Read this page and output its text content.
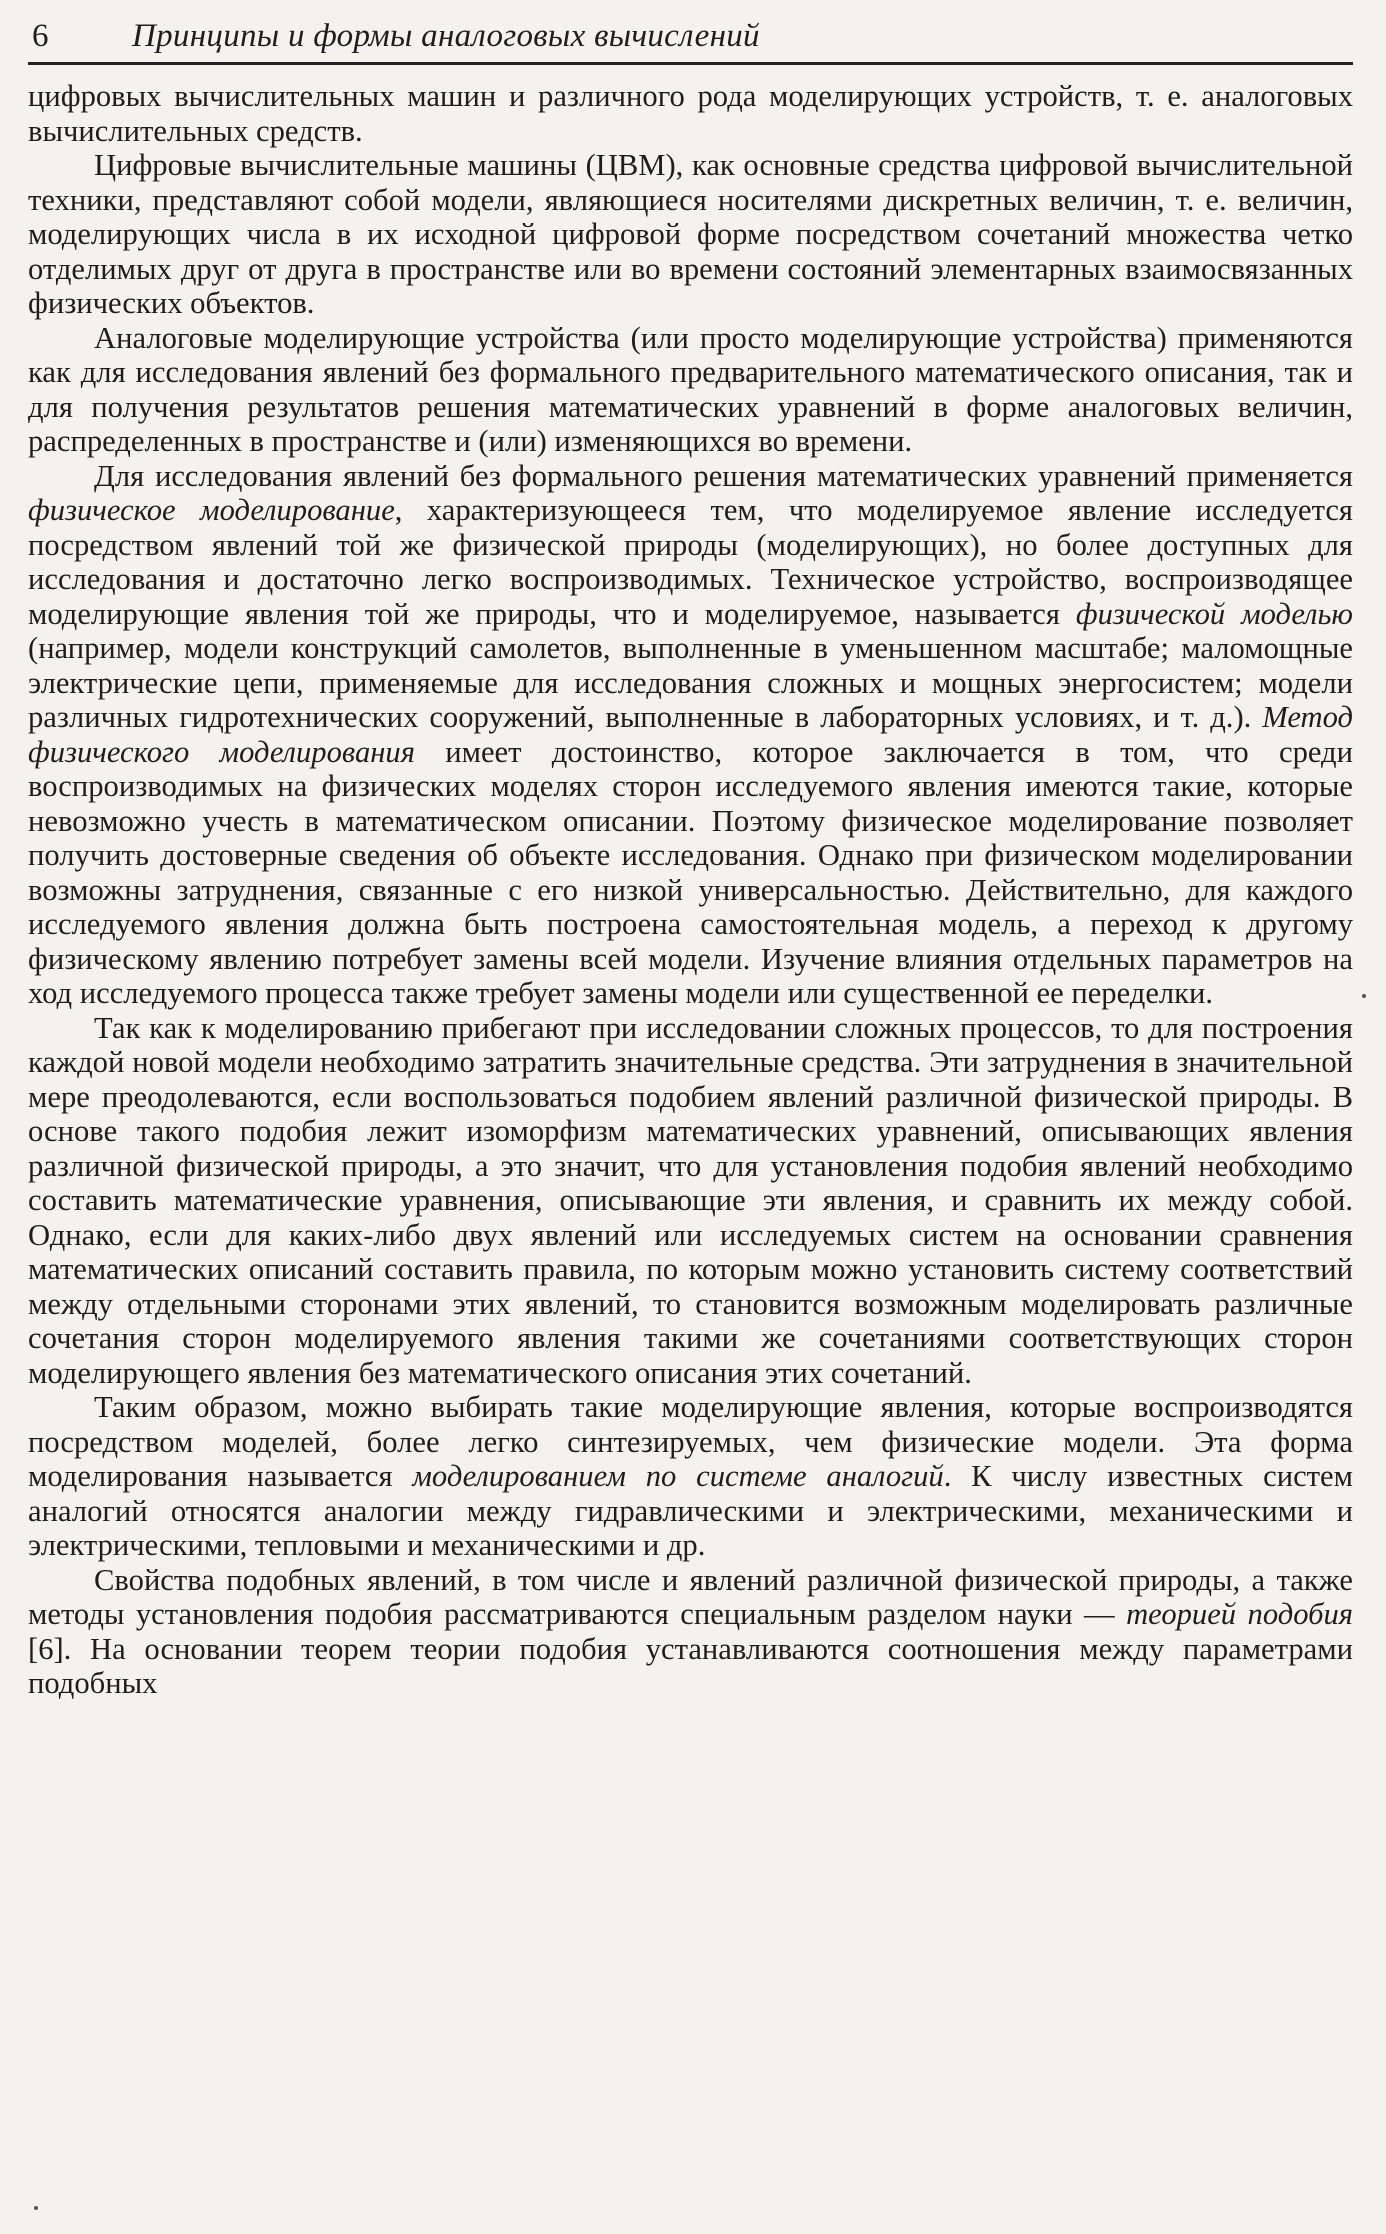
6	Принципы и формы аналоговых вычислений

цифровых вычислительных машин и различного рода моделирующих устройств, т. е. аналоговых вычислительных средств.

Цифровые вычислительные машины (ЦВМ), как основные средства цифровой вычислительной техники, представляют собой модели, являющиеся носителями дискретных величин, т. е. величин, моделирующих числа в их исходной цифровой форме посредством сочетаний множества четко отделимых друг от друга в пространстве или во времени состояний элементарных взаимосвязанных физических объектов.

Аналоговые моделирующие устройства (или просто моделирующие устройства) применяются как для исследования явлений без формального предварительного математического описания, так и для получения результатов решения математических уравнений в форме аналоговых величин, распределенных в пространстве и (или) изменяющихся во времени.

Для исследования явлений без формального решения математических уравнений применяется физическое моделирование, характеризующееся тем, что моделируемое явление исследуется посредством явлений той же физической природы (моделирующих), но более доступных для исследования и достаточно легко воспроизводимых. Техническое устройство, воспроизводящее моделирующие явления той же природы, что и моделируемое, называется физической моделью (например, модели конструкций самолетов, выполненные в уменьшенном масштабе; маломощные электрические цепи, применяемые для исследования сложных и мощных энергосистем; модели различных гидротехнических сооружений, выполненные в лабораторных условиях, и т. д.). Метод физического моделирования имеет достоинство, которое заключается в том, что среди воспроизводимых на физических моделях сторон исследуемого явления имеются такие, которые невозможно учесть в математическом описании. Поэтому физическое моделирование позволяет получить достоверные сведения об объекте исследования. Однако при физическом моделировании возможны затруднения, связанные с его низкой универсальностью. Действительно, для каждого исследуемого явления должна быть построена самостоятельная модель, а переход к другому физическому явлению потребует замены всей модели. Изучение влияния отдельных параметров на ход исследуемого процесса также требует замены модели или существенной ее переделки.

Так как к моделированию прибегают при исследовании сложных процессов, то для построения каждой новой модели необходимо затратить значительные средства. Эти затруднения в значительной мере преодолеваются, если воспользоваться подобием явлений различной физической природы. В основе такого подобия лежит изоморфизм математических уравнений, описывающих явления различной физической природы, а это значит, что для установления подобия явлений необходимо составить математические уравнения, описывающие эти явления, и сравнить их между собой. Однако, если для каких-либо двух явлений или исследуемых систем на основании сравнения математических описаний составить правила, по которым можно установить систему соответствий между отдельными сторонами этих явлений, то становится возможным моделировать различные сочетания сторон моделируемого явления такими же сочетаниями соответствующих сторон моделирующего явления без математического описания этих сочетаний.

Таким образом, можно выбирать такие моделирующие явления, которые воспроизводятся посредством моделей, более легко синтезируемых, чем физические модели. Эта форма моделирования называется моделированием по системе аналогий. К числу известных систем аналогий относятся аналогии между гидравлическими и электрическими, механическими и электрическими, тепловыми и механическими и др.

Свойства подобных явлений, в том числе и явлений различной физической природы, а также методы установления подобия рассматриваются специальным разделом науки — теорией подобия [6]. На основании теорем теории подобия устанавливаются соотношения между параметрами подобных
